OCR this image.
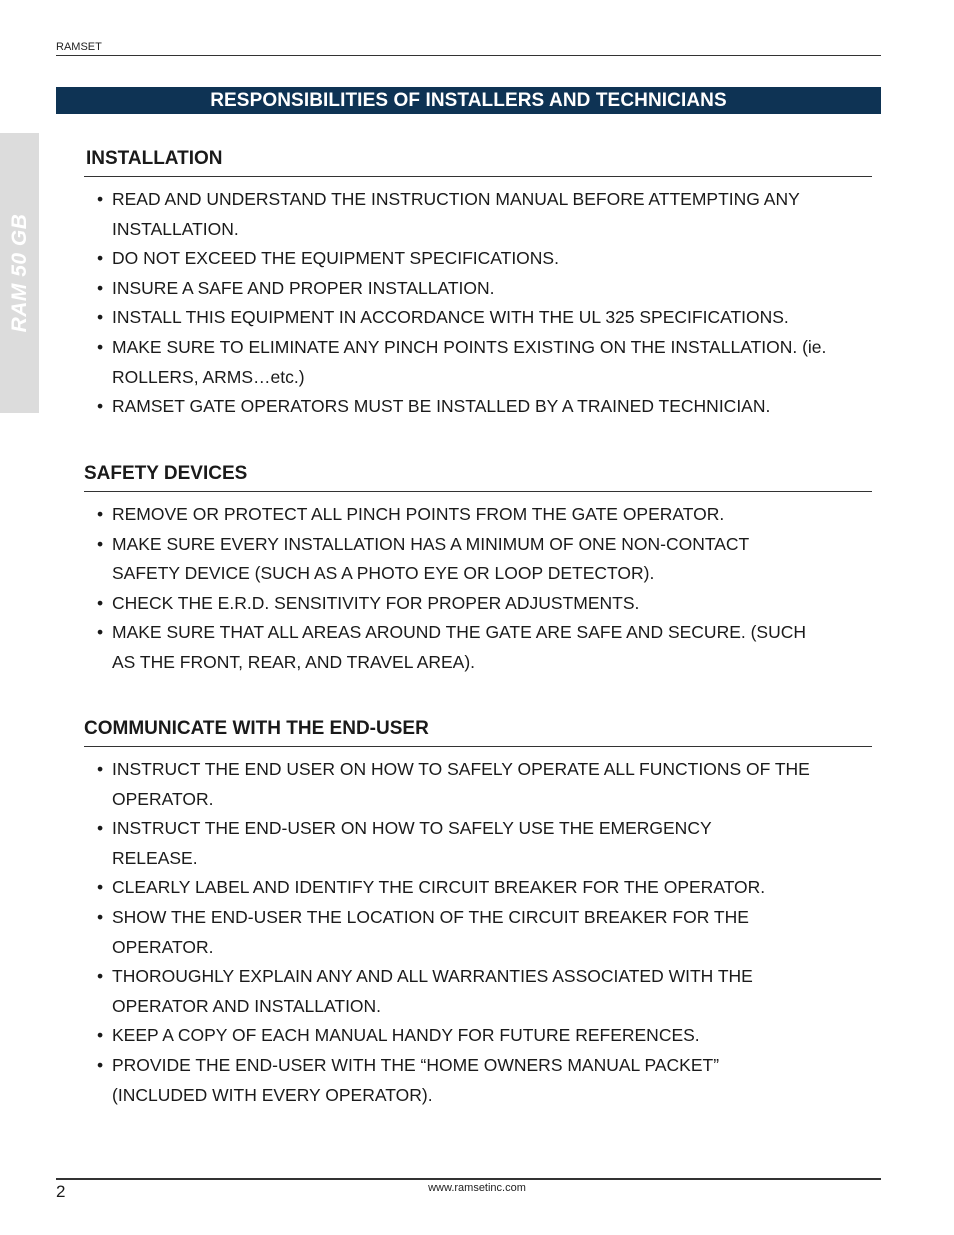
RAMSET
RESPONSIBILITIES OF INSTALLERS AND TECHNICIANS
RAM 50 GB
INSTALLATION
• READ AND UNDERSTAND THE INSTRUCTION MANUAL BEFORE ATTEMPTING ANY INSTALLATION.
• DO NOT EXCEED THE EQUIPMENT SPECIFICATIONS.
• INSURE A SAFE AND PROPER INSTALLATION.
• INSTALL THIS EQUIPMENT IN ACCORDANCE WITH THE UL 325 SPECIFICATIONS.
• MAKE SURE TO ELIMINATE ANY PINCH POINTS EXISTING ON THE INSTALLATION. (ie. ROLLERS, ARMS…etc.)
• RAMSET GATE OPERATORS MUST BE INSTALLED BY A TRAINED TECHNICIAN.
SAFETY DEVICES
• REMOVE OR PROTECT ALL PINCH POINTS FROM THE GATE OPERATOR.
• MAKE SURE EVERY INSTALLATION HAS A MINIMUM OF ONE NON-CONTACT SAFETY DEVICE (SUCH AS A PHOTO EYE OR LOOP DETECTOR).
• CHECK THE E.R.D. SENSITIVITY FOR PROPER ADJUSTMENTS.
• MAKE SURE THAT ALL AREAS AROUND THE GATE ARE SAFE AND SECURE. (SUCH AS THE FRONT, REAR, AND TRAVEL AREA).
COMMUNICATE WITH THE END-USER
• INSTRUCT THE END USER ON HOW TO SAFELY OPERATE ALL FUNCTIONS OF THE OPERATOR.
• INSTRUCT THE END-USER ON HOW TO SAFELY USE THE EMERGENCY RELEASE.
• CLEARLY LABEL AND IDENTIFY THE CIRCUIT BREAKER FOR THE OPERATOR.
• SHOW THE END-USER THE LOCATION OF THE CIRCUIT BREAKER FOR THE OPERATOR.
• THOROUGHLY EXPLAIN ANY AND ALL WARRANTIES ASSOCIATED WITH THE OPERATOR AND INSTALLATION.
• KEEP A COPY OF EACH MANUAL HANDY FOR FUTURE REFERENCES.
• PROVIDE THE END-USER WITH THE “HOME OWNERS MANUAL PACKET” (INCLUDED WITH EVERY OPERATOR).
2	www.ramsetinc.com
